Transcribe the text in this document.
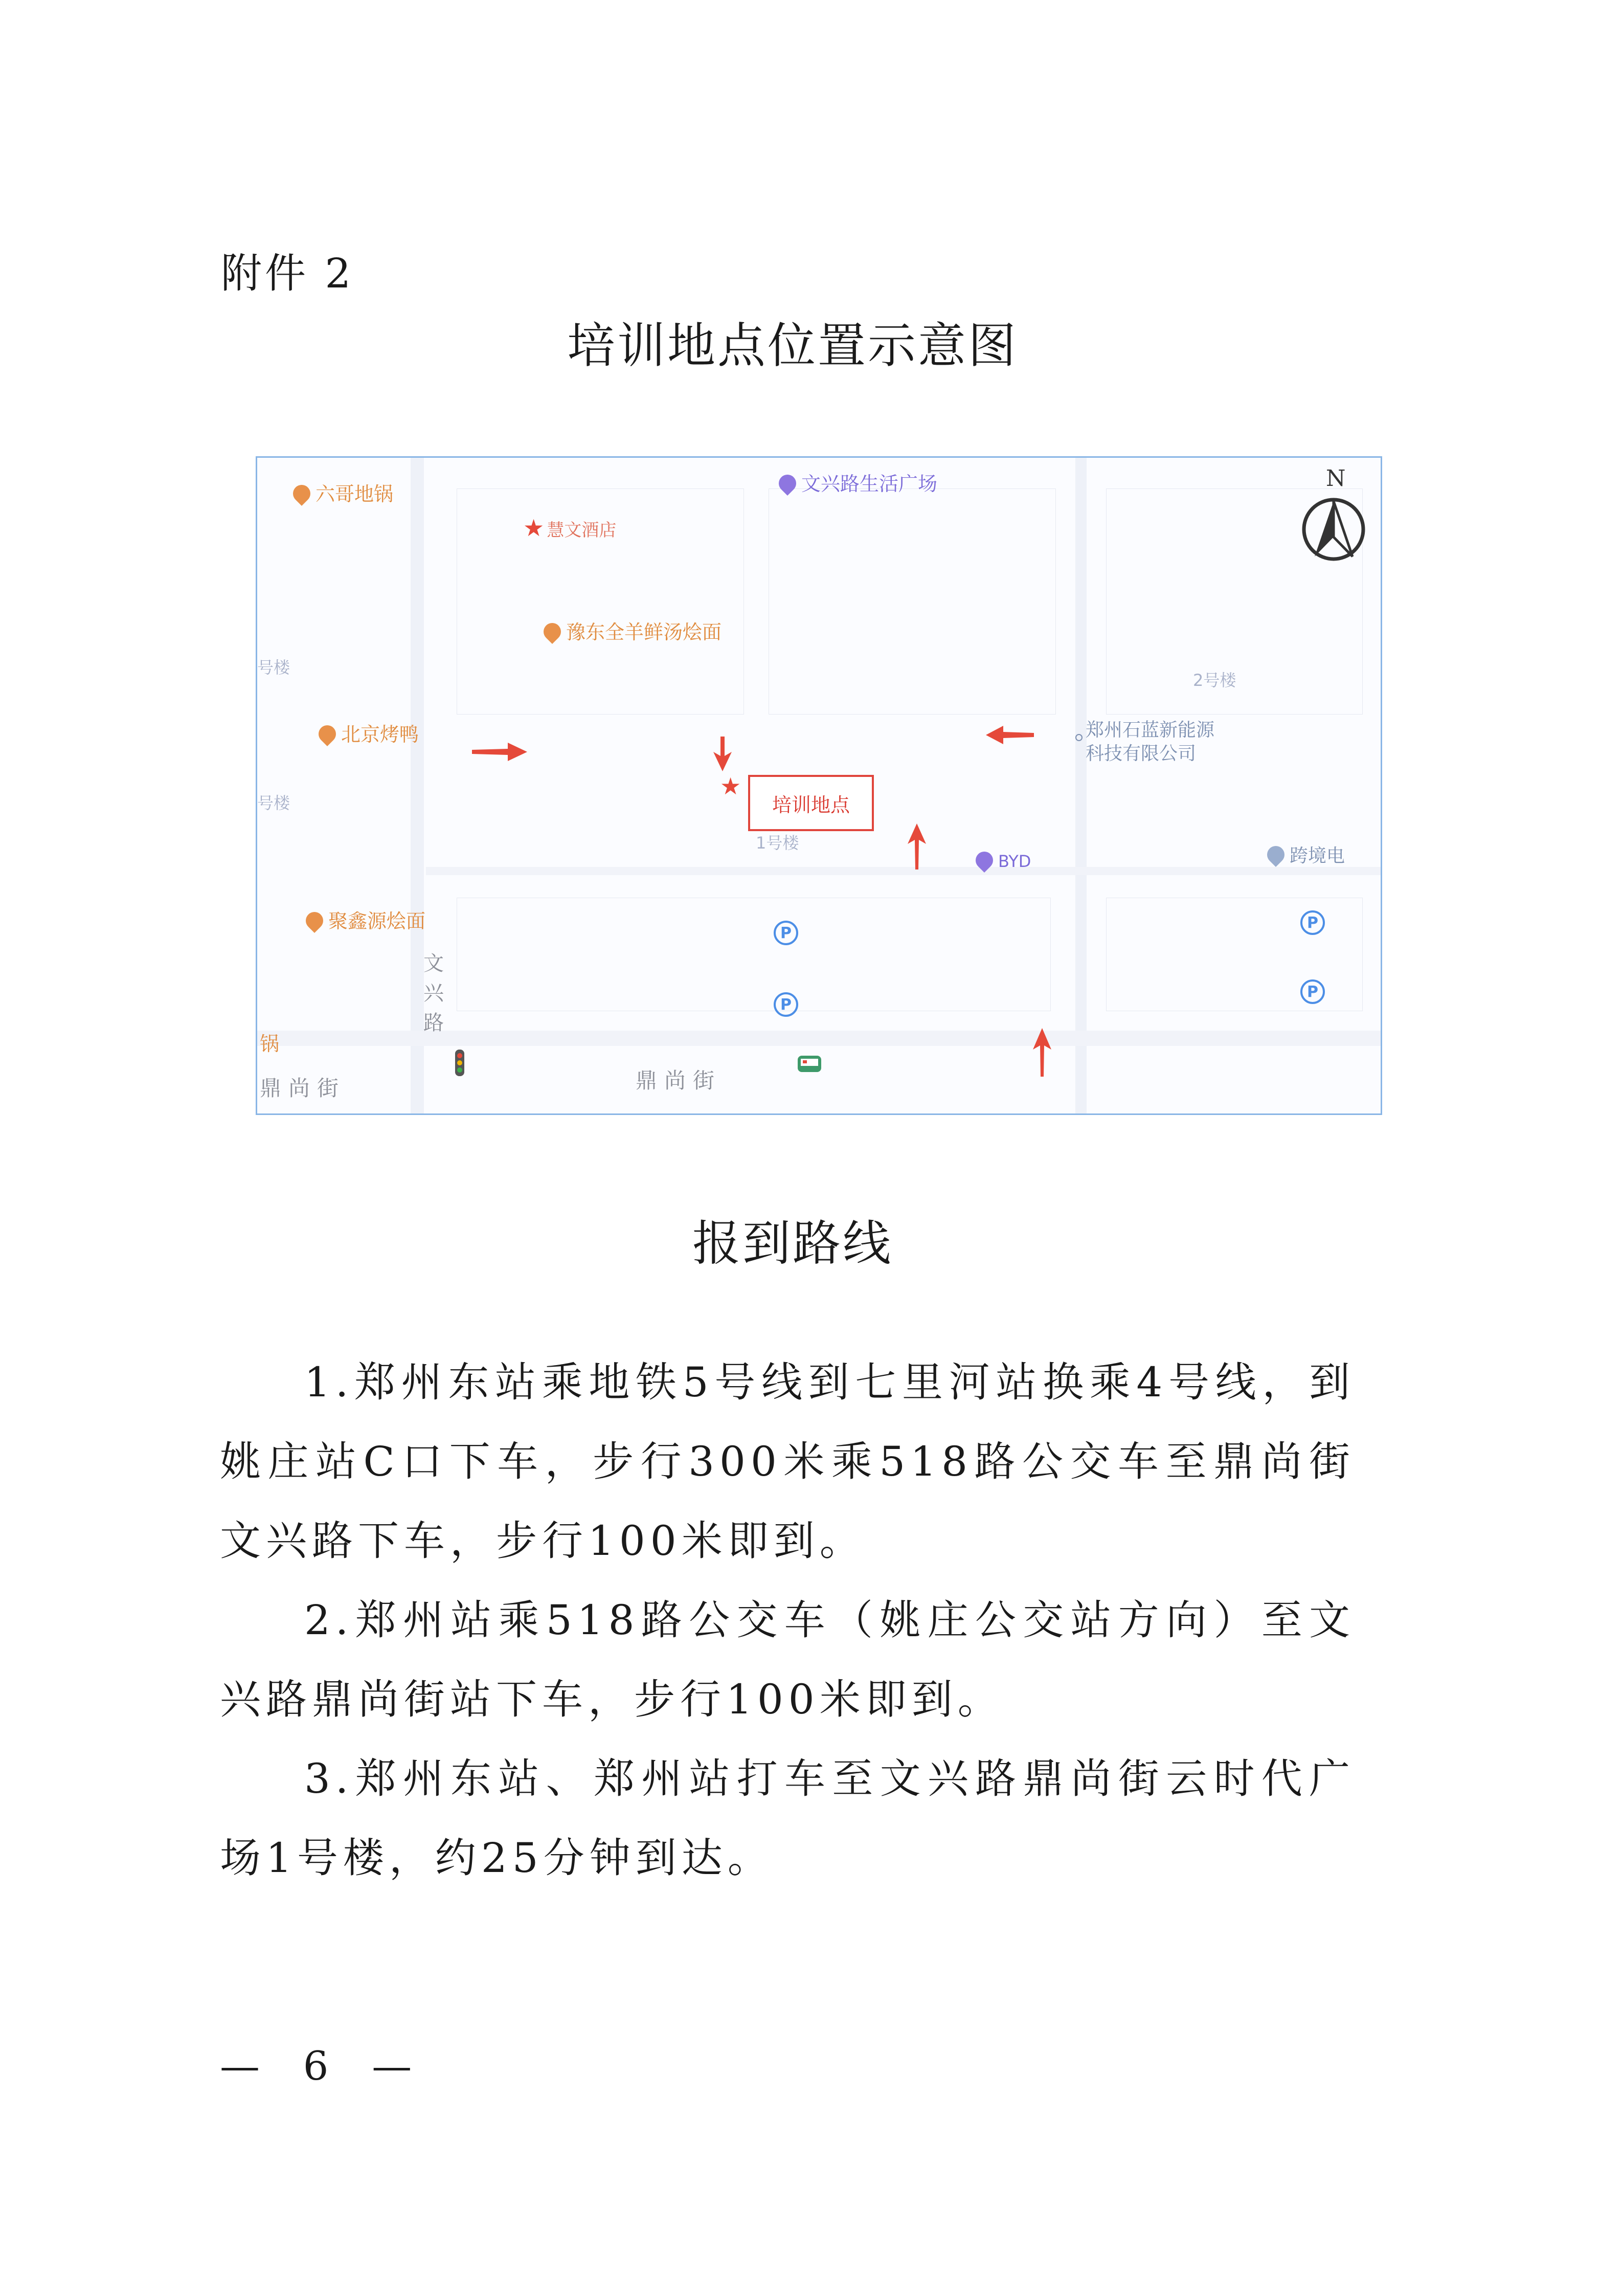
附件 2
培训地点位置示意图
六哥地锅
★ 慧文酒店
文兴路生活广场	N
豫东全羊鲜汤烩面
2号楼
号楼
号楼
北京烤鸭	郑州石蓝新能源
科技有限公司
★
培训地点
1号楼
BYD	跨境电
聚鑫源烩面
P
P
P
P
文
兴
路
锅
鼎尚街	鼎尚街
报到路线
1.郑州东站乘地铁5号线到七里河站换乘4号线，到姚庄站C口下车，步行300米乘518路公交车至鼎尚街文兴路下车，步行100米即到。
2.郑州站乘518路公交车（姚庄公交站方向）至文兴路鼎尚街站下车，步行100米即到。
3.郑州东站、郑州站打车至文兴路鼎尚街云时代广场1号楼，约25分钟到达。
— 6 —
